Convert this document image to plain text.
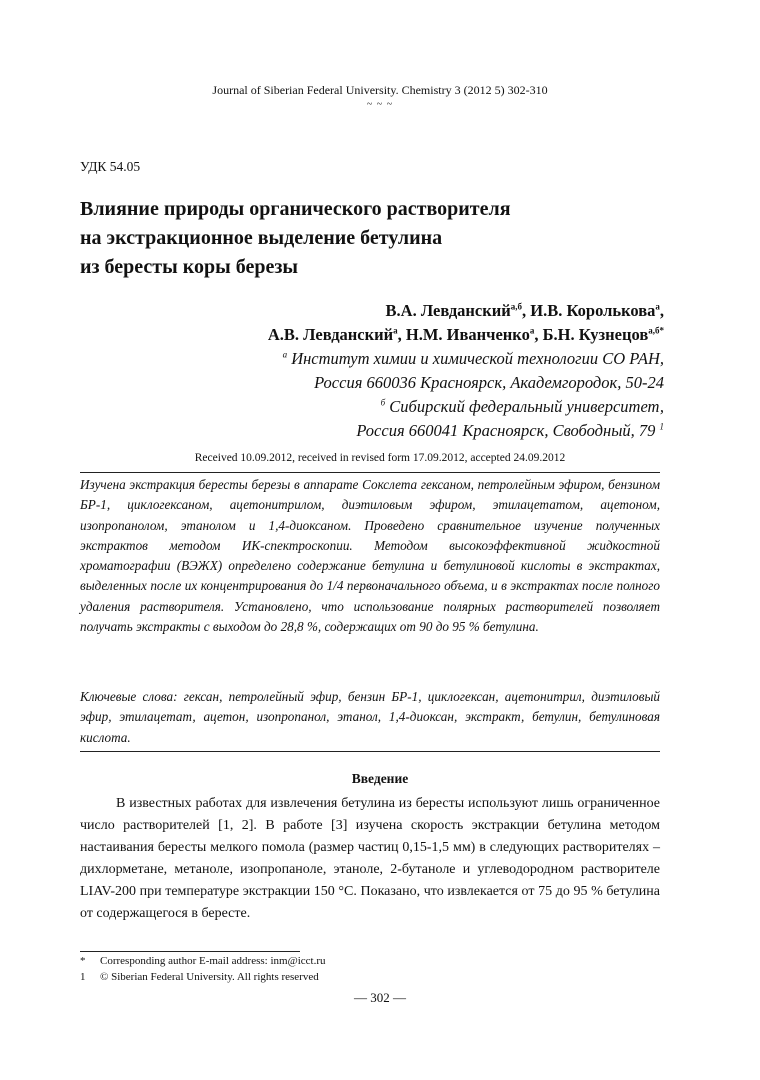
Journal of Siberian Federal University. Chemistry 3 (2012 5) 302-310
~ ~ ~
УДК 54.05
Влияние природы органического растворителя
на экстракционное выделение бетулина
из бересты коры березы
В.А. Левданский$^{а,б}$, И.В. Королькова$^а$,
А.В. Левданский$^а$, Н.М. Иванченко$^а$, Б.Н. Кузнецов$^{а,б*}$
$^а$ Институт химии и химической технологии СО РАН,
Россия 660036 Красноярск, Академгородок, 50-24
$^б$ Сибирский федеральный университет,
Россия 660041 Красноярск, Свободный, 79 $^1$
Received 10.09.2012, received in revised form 17.09.2012, accepted 24.09.2012
Изучена экстракция бересты березы в аппарате Сокслета гексаном, петролейным эфиром, бензином БР-1, циклогексаном, ацетонитрилом, диэтиловым эфиром, этилацетатом, ацетоном, изопропанолом, этанолом и 1,4-диоксаном. Проведено сравнительное изучение полученных экстрактов методом ИК-спектроскопии. Методом высокоэффективной жидкостной хроматографии (ВЭЖХ) определено содержание бетулина и бетулиновой кислоты в экстрактах, выделенных после их концентрирования до 1/4 первоначального объема, и в экстрактах после полного удаления растворителя. Установлено, что использование полярных растворителей позволяет получать экстракты с выходом до 28,8 %, содержащих от 90 до 95 % бетулина.
Ключевые слова: гексан, петролейный эфир, бензин БР-1, циклогексан, ацетонитрил, диэтиловый эфир, этилацетат, ацетон, изопропанол, этанол, 1,4-диоксан, экстракт, бетулин, бетулиновая кислота.
Введение
В известных работах для извлечения бетулина из бересты используют лишь ограниченное число растворителей [1, 2]. В работе [3] изучена скорость экстракции бетулина методом настаивания бересты мелкого помола (размер частиц 0,15-1,5 мм) в следующих растворителях – дихлорметане, метаноле, изопропаноле, этаноле, 2-бутаноле и углеводородном растворителе LIAV-200 при температуре экстракции 150 °С. Показано, что извлекается от 75 до 95 % бетулина от содержащегося в бересте.
* Corresponding author E-mail address: inm@icct.ru
1 © Siberian Federal University. All rights reserved
— 302 —
